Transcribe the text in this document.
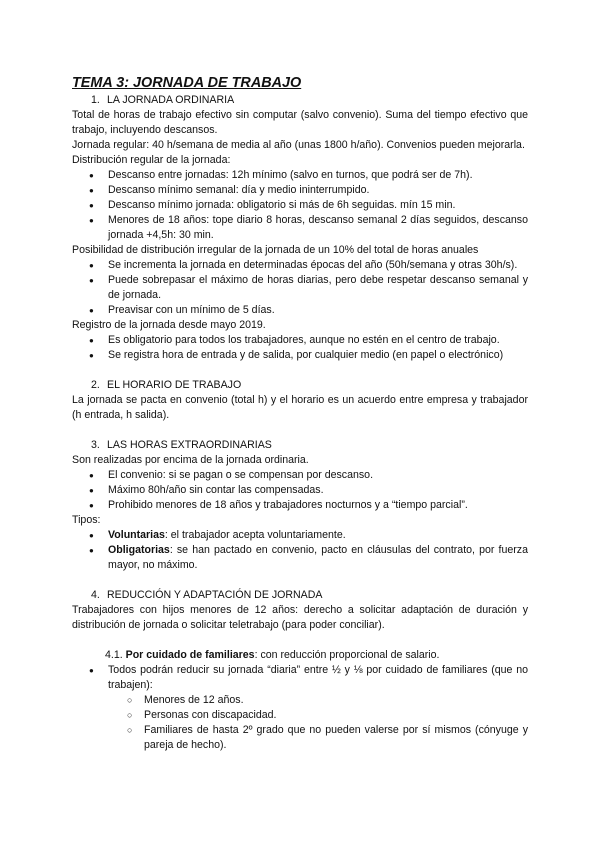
TEMA 3: JORNADA DE TRABAJO

1. LA JORNADA ORDINARIA

Total de horas de trabajo efectivo sin computar (salvo convenio). Suma del tiempo efectivo que trabajo, incluyendo descansos.

Jornada regular: 40 h/semana de media al año (unas 1800 h/año). Convenios pueden mejorarla.

Distribución regular de la jornada:

● Descanso entre jornadas: 12h mínimo (salvo en turnos, que podrá ser de 7h).
● Descanso mínimo semanal: día y medio ininterrumpido.
● Descanso mínimo jornada: obligatorio si más de 6h seguidas. mín 15 min.
● Menores de 18 años: tope diario 8 horas, descanso semanal 2 días seguidos, descanso jornada +4,5h: 30 min.

Posibilidad de distribución irregular de la jornada de un 10% del total de horas anuales

● Se incrementa la jornada en determinadas épocas del año (50h/semana y otras 30h/s).
● Puede sobrepasar el máximo de horas diarias, pero debe respetar descanso semanal y de jornada.
● Preavisar con un mínimo de 5 días.

Registro de la jornada desde mayo 2019.

● Es obligatorio para todos los trabajadores, aunque no estén en el centro de trabajo.
● Se registra hora de entrada y de salida, por cualquier medio (en papel o electrónico)

2. EL HORARIO DE TRABAJO

La jornada se pacta en convenio (total h) y el horario es un acuerdo entre empresa y trabajador (h entrada, h salida).

3. LAS HORAS EXTRAORDINARIAS

Son realizadas por encima de la jornada ordinaria.

● El convenio: si se pagan o se compensan por descanso.
● Máximo 80h/año sin contar las compensadas.
● Prohibido menores de 18 años y trabajadores nocturnos y a “tiempo parcial”.

Tipos:

● Voluntarias: el trabajador acepta voluntariamente.
● Obligatorias: se han pactado en convenio, pacto en cláusulas del contrato, por fuerza mayor, no máximo.

4. REDUCCIÓN Y ADAPTACIÓN DE JORNADA

Trabajadores con hijos menores de 12 años: derecho a solicitar adaptación de duración y distribución de jornada o solicitar teletrabajo (para poder conciliar).

4.1. Por cuidado de familiares: con reducción proporcional de salario.

● Todos podrán reducir su jornada “diaria” entre ½ y ⅛ por cuidado de familiares (que no trabajen):
○ Menores de 12 años.
○ Personas con discapacidad.
○ Familiares de hasta 2º grado que no pueden valerse por sí mismos (cónyuge y pareja de hecho).
